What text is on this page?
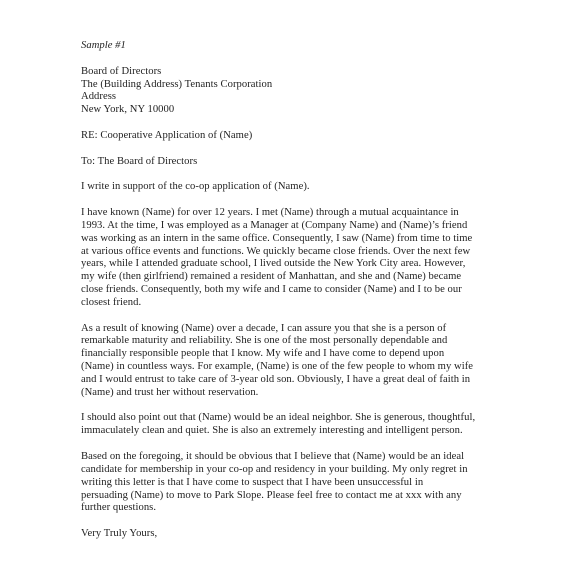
Sample #1
Board of Directors
The (Building Address) Tenants Corporation
Address
New York, NY 10000
RE: Cooperative Application of (Name)
To: The Board of Directors
I write in support of the co-op application of (Name).
I have known (Name) for over 12 years. I met (Name) through a mutual acquaintance in
1993. At the time, I was employed as a Manager at (Company Name) and (Name)’s friend
was working as an intern in the same office. Consequently, I saw (Name) from time to time
at various office events and functions. We quickly became close friends. Over the next few
years, while I attended graduate school, I lived outside the New York City area. However,
my wife (then girlfriend) remained a resident of Manhattan, and she and (Name) became
close friends. Consequently, both my wife and I came to consider (Name) and I to be our
closest friend.
As a result of knowing (Name) over a decade, I can assure you that she is a person of
remarkable maturity and reliability. She is one of the most personally dependable and
financially responsible people that I know. My wife and I have come to depend upon
(Name) in countless ways. For example, (Name) is one of the few people to whom my wife
and I would entrust to take care of 3-year old son. Obviously, I have a great deal of faith in
(Name) and trust her without reservation.
I should also point out that (Name) would be an ideal neighbor. She is generous, thoughtful,
immaculately clean and quiet. She is also an extremely interesting and intelligent person.
Based on the foregoing, it should be obvious that I believe that (Name) would be an ideal
candidate for membership in your co-op and residency in your building. My only regret in
writing this letter is that I have come to suspect that I have been unsuccessful in
persuading (Name) to move to Park Slope. Please feel free to contact me at xxx with any
further questions.
Very Truly Yours,
